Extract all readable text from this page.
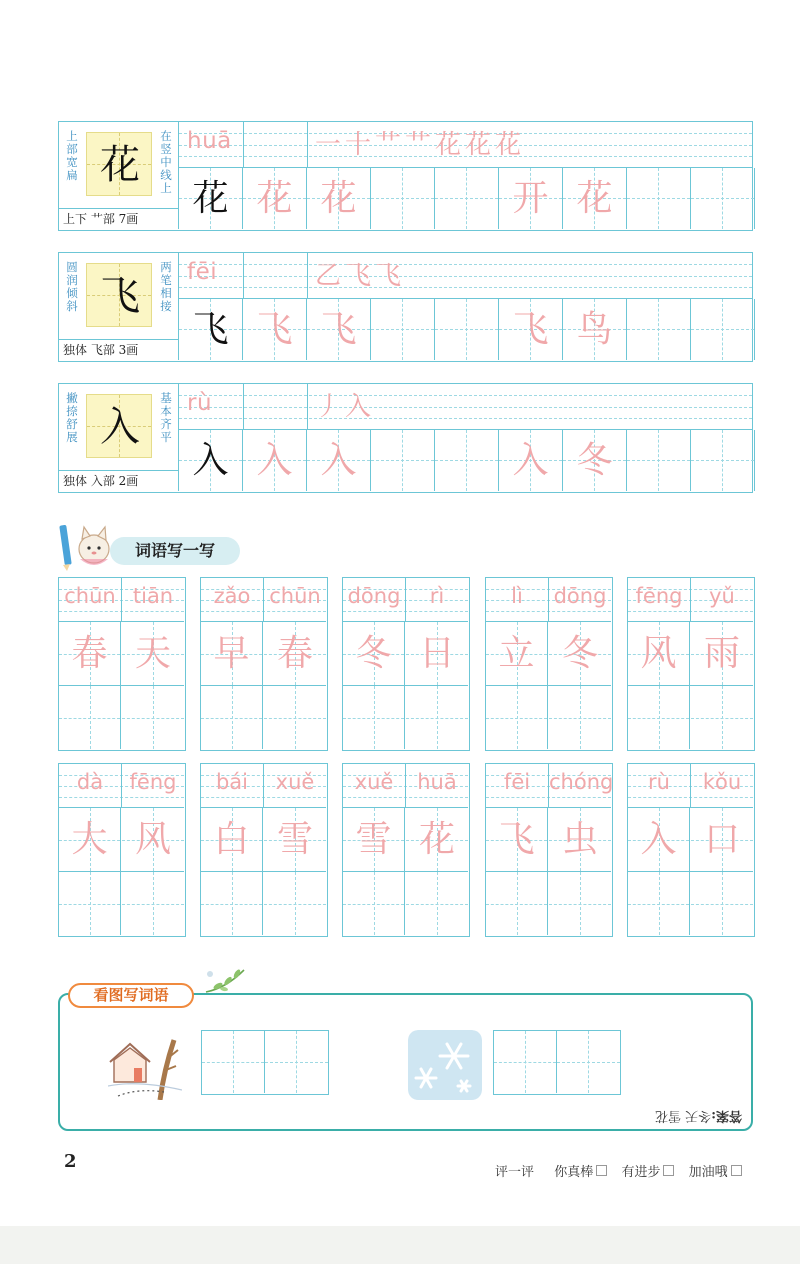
上部宽扁 花
在竖中线上
上下 艹部 7画
huā	一十艹艹花花花
花 花 花	开 花
圆润倾斜 飞
两笔相接
独体 飞部 3画
fēi	乙飞飞
飞 飞 飞	飞 鸟
撇捺舒展 入
基本齐平
独体 入部 2画
rù	丿入
入 入 入	入 冬
词语写一写
chūn tiān
春 天
zǎo chūn
早 春
dōng	rì
冬 日
lì	dōng
立 冬
fēng	yǔ
风 雨
dà	fēng
大 风
bái	xuě
白 雪
xuě	huā
雪 花
fēi chóng
飞 虫
rù	kǒu
入 口
看图写词语
答案:冬天 雪花
2
评一评 你真棒 有进步 加油哦
